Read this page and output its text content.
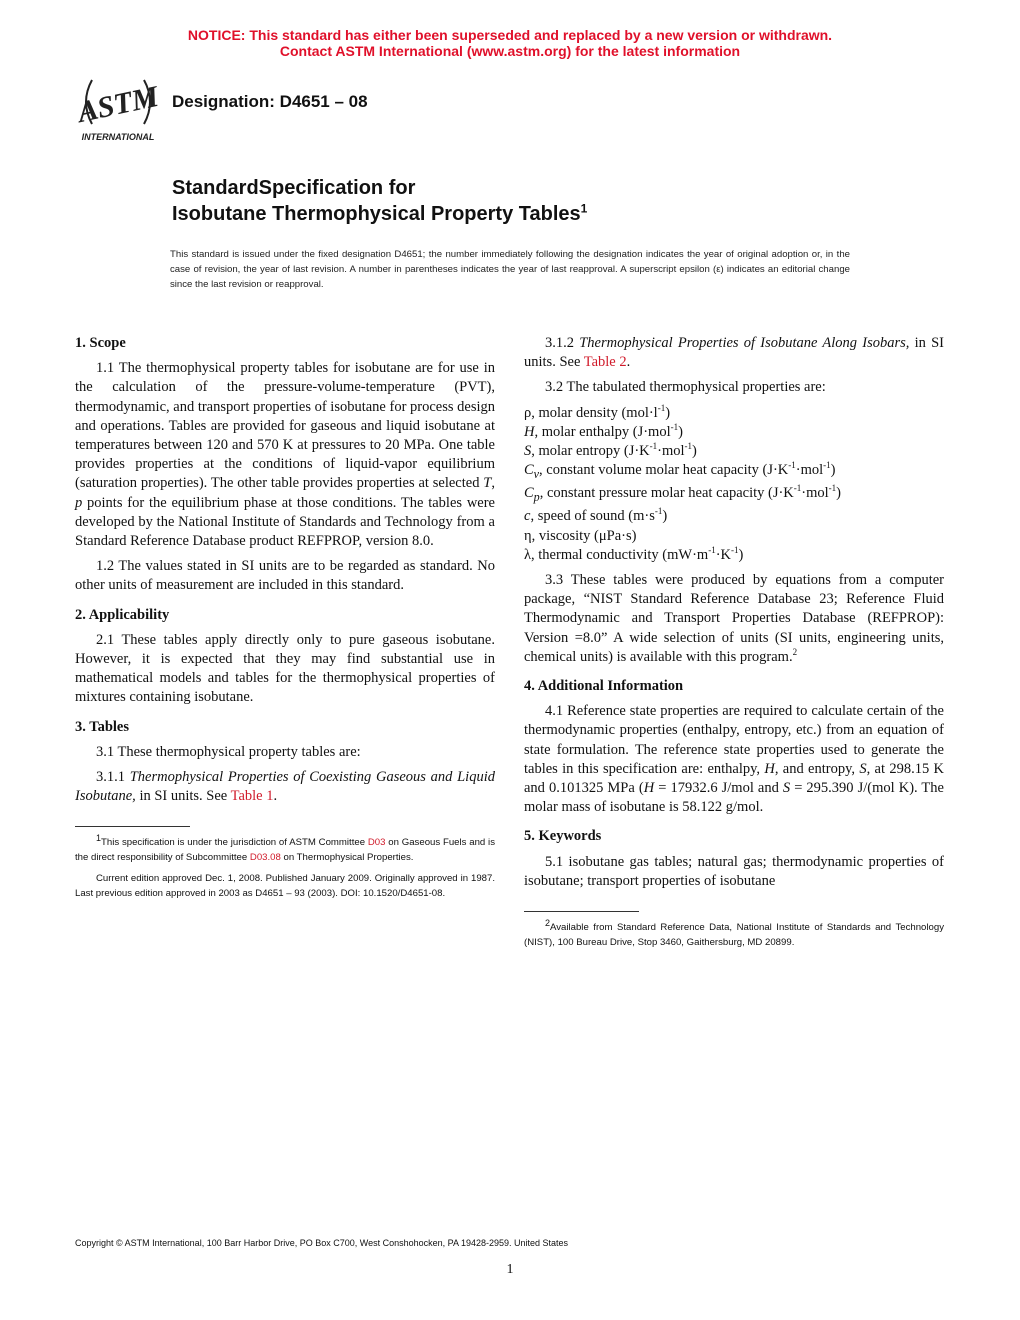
NOTICE: This standard has either been superseded and replaced by a new version or withdrawn.
Contact ASTM International (www.astm.org) for the latest information
ASTM
INTERNATIONAL
Designation: D4651 – 08
StandardSpecification for
Isobutane Thermophysical Property Tables$^1$
This standard is issued under the fixed designation D4651; the number immediately following the designation indicates the year of original adoption or, in the case of revision, the year of last revision. A number in parentheses indicates the year of last reapproval. A superscript epsilon (ε) indicates an editorial change since the last revision or reapproval.
1. Scope

1.1 The thermophysical property tables for isobutane are for use in the calculation of the pressure-volume-temperature (PVT), thermodynamic, and transport properties of isobutane for process design and operations. Tables are provided for gaseous and liquid isobutane at temperatures between 120 and 570 K at pressures to 20 MPa. One table provides properties at the conditions of liquid-vapor equilibrium (saturation properties). The other table provides properties at selected T, p points for the equilibrium phase at those conditions. The tables were developed by the National Institute of Standards and Technology from a Standard Reference Database product REFPROP, version 8.0.

1.2 The values stated in SI units are to be regarded as standard. No other units of measurement are included in this standard.

2. Applicability

2.1 These tables apply directly only to pure gaseous isobutane. However, it is expected that they may find substantial use in mathematical models and tables for the thermophysical properties of mixtures containing isobutane.

3. Tables

3.1 These thermophysical property tables are:

3.1.1 Thermophysical Properties of Coexisting Gaseous and Liquid Isobutane, in SI units. See Table 1.

$^1$This specification is under the jurisdiction of ASTM Committee D03 on Gaseous Fuels and is the direct responsibility of Subcommittee D03.08 on Thermophysical Properties.

Current edition approved Dec. 1, 2008. Published January 2009. Originally approved in 1987. Last previous edition approved in 2003 as D4651 – 93 (2003). DOI: 10.1520/D4651-08.

3.1.2 Thermophysical Properties of Isobutane Along Isobars, in SI units. See Table 2.

3.2 The tabulated thermophysical properties are:

ρ, molar density $(mol\cdot l^{-1})$
H, molar enthalpy (J·mol$^{-1}$)
S, molar entropy $(J\cdot K^{-1}\cdot mol^{-1})$
$C_v$, constant volume molar heat capacity $(J\cdot K^{-1}\cdot mol^{-1})$
$C_p$, constant pressure molar heat capacity $(J\cdot K^{-1}\cdot mol^{-1})$
c, speed of sound $(m\cdot s^{-1})$
η, viscosity (μPa·s)
λ, thermal conductivity $(mW\cdot m^{-1}\cdot K^{-1})$

3.3 These tables were produced by equations from a computer package, “NIST Standard Reference Database 23; Reference Fluid Thermodynamic and Transport Properties Database (REFPROP): Version =8.0” A wide selection of units (SI units, engineering units, chemical units) is available with this program.$^2$

4. Additional Information

4.1 Reference state properties are required to calculate certain of the thermodynamic properties (enthalpy, entropy, etc.) from an equation of state formulation. The reference state properties used to generate the tables in this specification are: enthalpy, H, and entropy, S, at 298.15 K and 0.101325 MPa (H = 17932.6 J/mol and S = 295.390 J/(mol K). The molar mass of isobutane is 58.122 g/mol.

5. Keywords

5.1 isobutane gas tables; natural gas; thermodynamic properties of isobutane; transport properties of isobutane

$^2$Available from Standard Reference Data, National Institute of Standards and Technology (NIST), 100 Bureau Drive, Stop 3460, Gaithersburg, MD 20899.

Copyright © ASTM International, 100 Barr Harbor Drive, PO Box C700, West Conshohocken, PA 19428-2959. United States
1
